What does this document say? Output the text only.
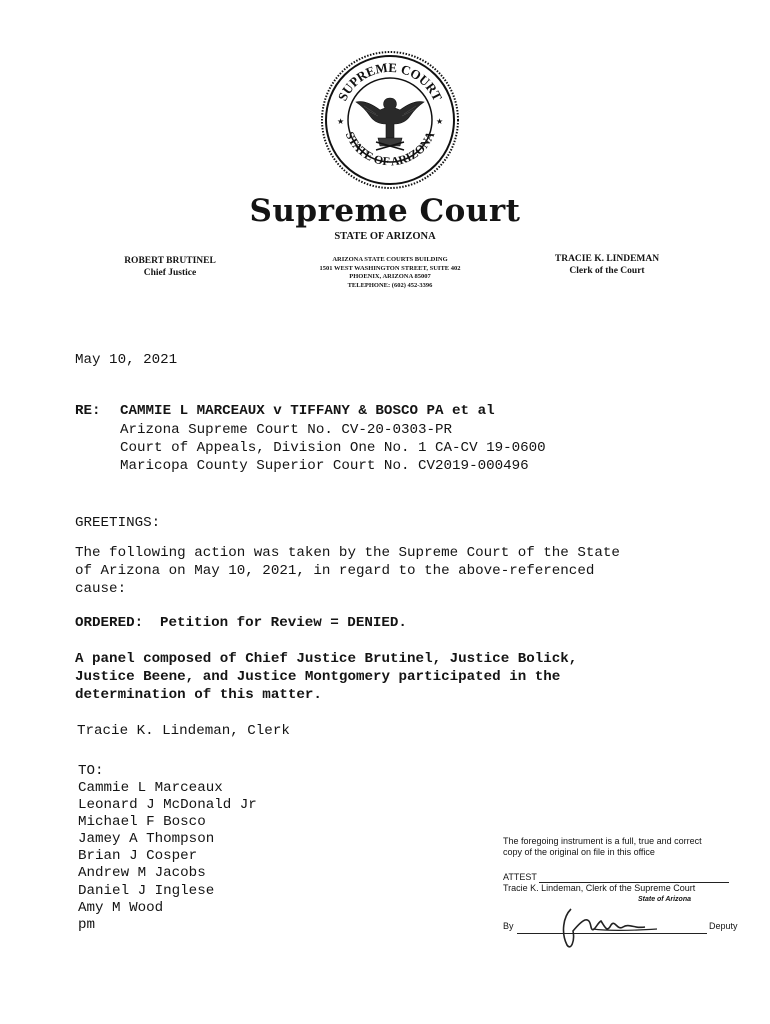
SUPREME COURT
STATE OF ARIZONA
★	★
Supreme Court
STATE OF ARIZONA
ROBERT BRUTINEL
Chief Justice
ARIZONA STATE COURTS BUILDING
1501 WEST WASHINGTON STREET, SUITE 402
PHOENIX, ARIZONA 85007
TELEPHONE: (602) 452-3396
TRACIE K. LINDEMAN
Clerk of the Court
May 10, 2021
RE: CAMMIE L MARCEAUX v TIFFANY & BOSCO PA et al
Arizona Supreme Court No. CV-20-0303-PR
Court of Appeals, Division One No. 1 CA-CV 19-0600
Maricopa County Superior Court No. CV2019-000496
GREETINGS:
The following action was taken by the Supreme Court of the State
of Arizona on May 10, 2021, in regard to the above-referenced
cause:
ORDERED: Petition for Review = DENIED.
A panel composed of Chief Justice Brutinel, Justice Bolick,
Justice Beene, and Justice Montgomery participated in the
determination of this matter.
Tracie K. Lindeman, Clerk
TO:
Cammie L Marceaux
Leonard J McDonald Jr
Michael F Bosco
Jamey A Thompson
Brian J Cosper
Andrew M Jacobs
Daniel J Inglese
Amy M Wood
pm
The foregoing instrument is a full, true and correct
copy of the original on file in this office
ATTEST
Tracie K. Lindeman, Clerk of the Supreme Court
State of Arizona
By	Deputy
